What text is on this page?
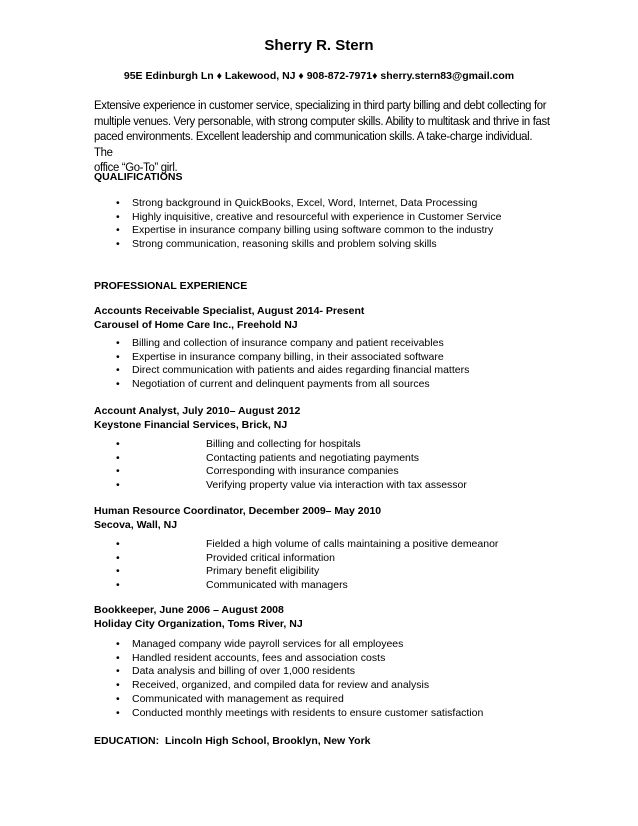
Sherry R. Stern
95E Edinburgh Ln ♦ Lakewood, NJ ♦ 908-872-7971♦ sherry.stern83@gmail.com
Extensive experience in customer service, specializing in third party billing and debt collecting for
multiple venues. Very personable, with strong computer skills. Ability to multitask and thrive in fast
paced environments. Excellent leadership and communication skills. A take-charge individual. The
office “Go-To” girl.
QUALIFICATIONS
• Strong background in QuickBooks, Excel, Word, Internet, Data Processing
• Highly inquisitive, creative and resourceful with experience in Customer Service
• Expertise in insurance company billing using software common to the industry
• Strong communication, reasoning skills and problem solving skills
PROFESSIONAL EXPERIENCE
Accounts Receivable Specialist, August 2014- Present
Carousel of Home Care Inc., Freehold NJ
• Billing and collection of insurance company and patient receivables
• Expertise in insurance company billing, in their associated software
• Direct communication with patients and aides regarding financial matters
• Negotiation of current and delinquent payments from all sources
Account Analyst, July 2010– August 2012
Keystone Financial Services, Brick, NJ
•	Billing and collecting for hospitals
•	Contacting patients and negotiating payments
•	Corresponding with insurance companies
•	Verifying property value via interaction with tax assessor
Human Resource Coordinator, December 2009– May 2010
Secova, Wall, NJ
•	Fielded a high volume of calls maintaining a positive demeanor
•	Provided critical information
•	Primary benefit eligibility
•	Communicated with managers
Bookkeeper, June 2006 – August 2008
Holiday City Organization, Toms River, NJ
• Managed company wide payroll services for all employees
• Handled resident accounts, fees and association costs
• Data analysis and billing of over 1,000 residents
• Received, organized, and compiled data for review and analysis
• Communicated with management as required
• Conducted monthly meetings with residents to ensure customer satisfaction
EDUCATION:  Lincoln High School, Brooklyn, New York
